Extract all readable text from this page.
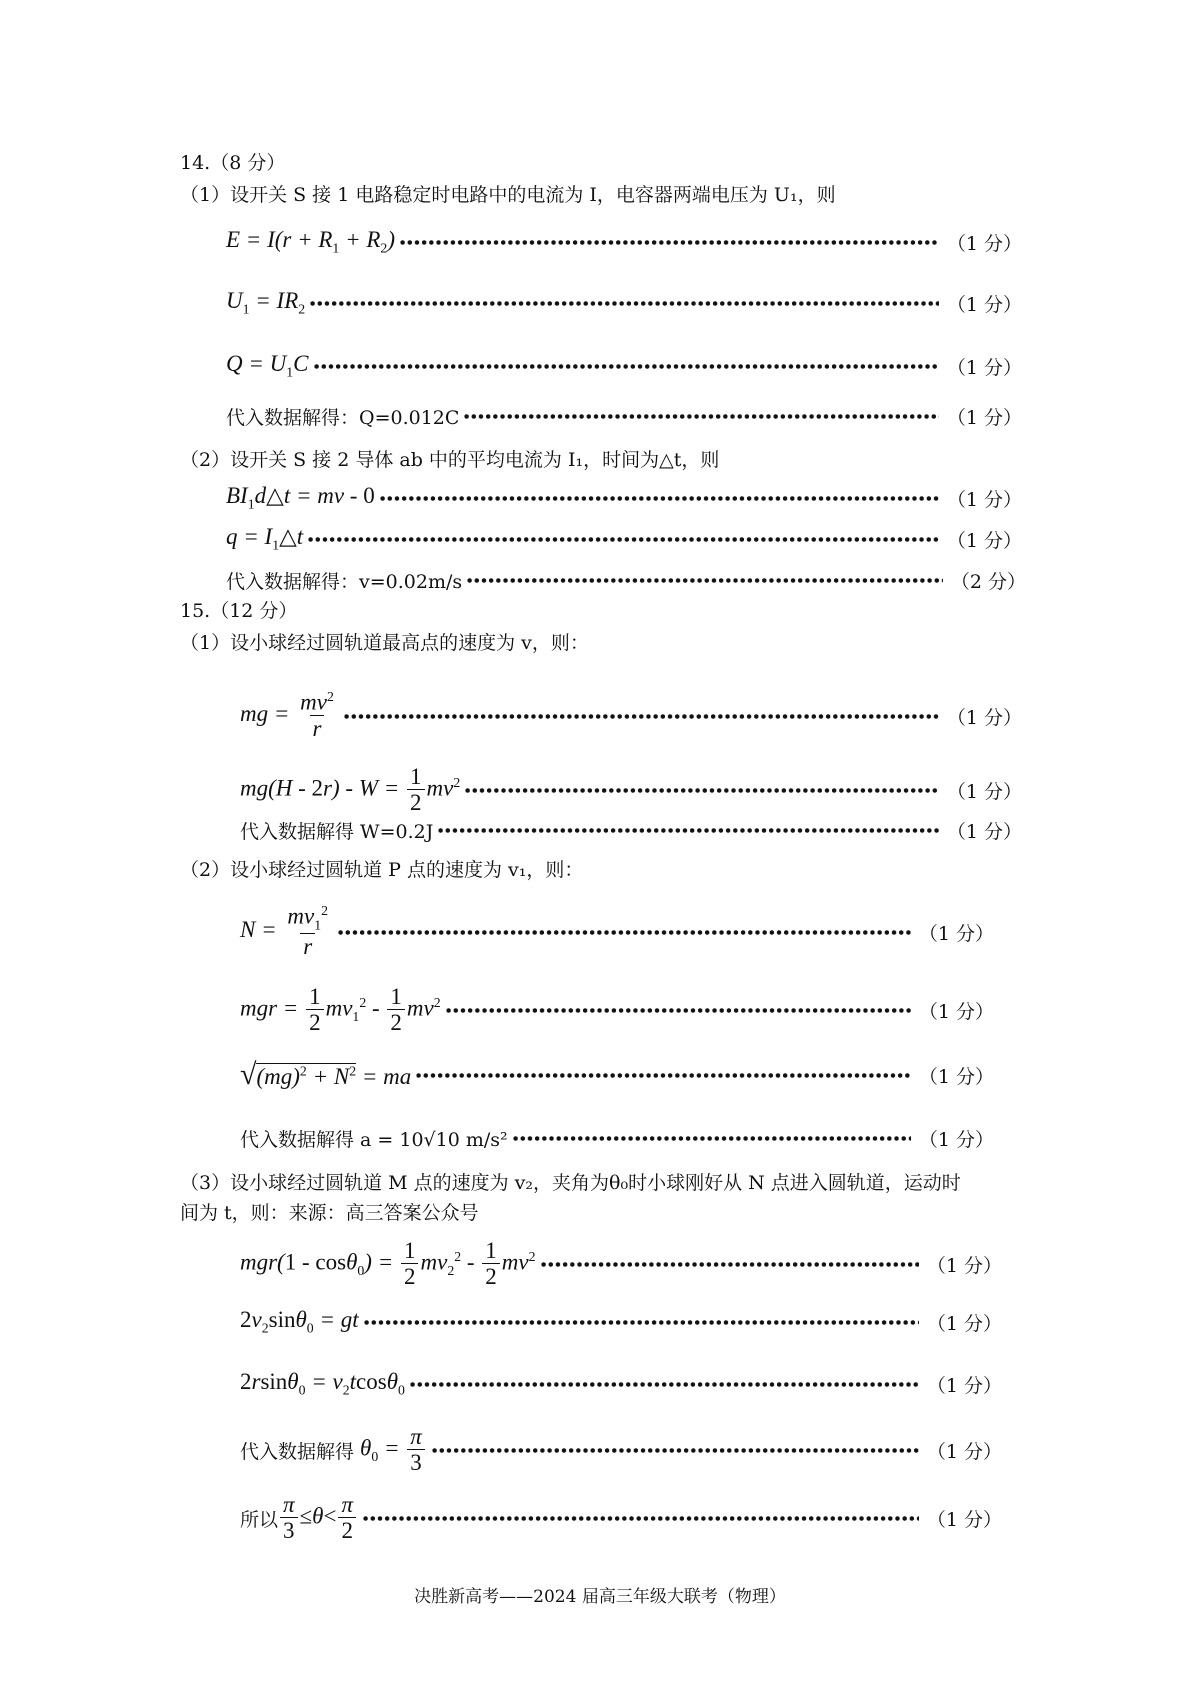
14.（8 分）
（1）设开关 S 接 1 电路稳定时电路中的电流为 I，电容器两端电压为 U₁，则
$E = I(r + R_1 + R_2)$	（1 分）
$U_1 = IR_2$	（1 分）
$Q = U_1C$	（1 分）
代入数据解得：Q=0.012C	（1 分）
（2）设开关 S 接 2 导体 ab 中的平均电流为 I₁，时间为△t，则
$BI_1d\triangle t$ = mv - 0	（1 分）
$q = I_1\triangle t$	（1 分）
代入数据解得：v=0.02m/s	（2 分）
15.（12 分）
（1）设小球经过圆轨道最高点的速度为 v，则：
mg = $\frac{mv^2}{r}$	（1 分）
$mg(H - 2r) - W = \frac{1}{2} mv^2$	（1 分）
代入数据解得 W=0.2J	（1 分）
（2）设小球经过圆轨道 P 点的速度为 v₁，则：
$N = \frac{mv_1^2}{r}$	（1 分）
mgr = $\frac{1}{2} mv_1^2 - \frac{1}{2} mv^2$	（1 分）
$√(mg)^2 + N^2$ = ma	（1 分）
代入数据解得 a = 10√10 m/s²	（1 分）
（3）设小球经过圆轨道 M 点的速度为 v₂，夹角为θ₀时小球刚好从 N 点进入圆轨道，运动时
间为 t，则：来源：高三答案公众号
$mgr(1 - \cos\theta_0) = \frac{1}{2} mv_2^2 - \frac{1}{2} mv^2$	（1 分）
$2v_2\sin\theta_0$ = gt	（1 分）
$2rsin\theta_0 = v_2tcos\theta_0$	（1 分）
代入数据解得 $\theta_0 = \frac{\pi}{3}$	（1 分）
所以 $\frac{\pi}{3} \le\theta< \frac{\pi}{2}$	（1 分）
决胜新高考——2024 届高三年级大联考（物理）
